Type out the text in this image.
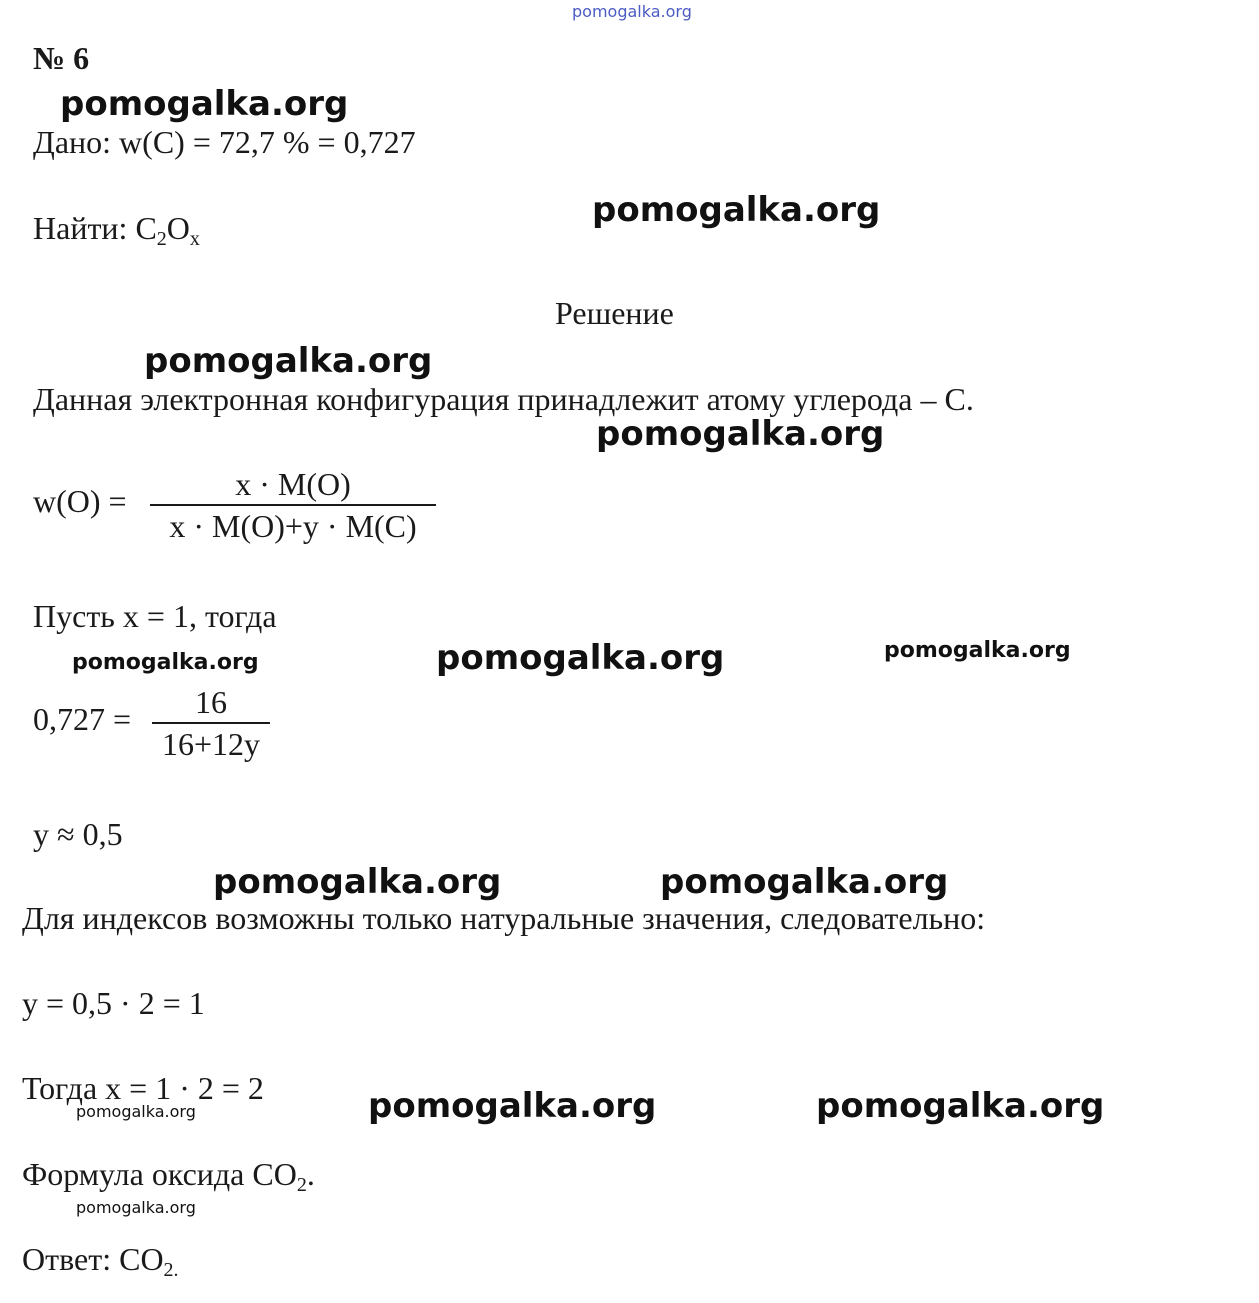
pomogalka.org
№ 6
pomogalka.org
Дано: w(C) = 72,7 % = 0,727
Найти: $C_2O_x$
pomogalka.org
Решение
pomogalka.org
Данная электронная конфигурация принадлежит атому углерода – С.
pomogalka.org
w(O) =	x · M(O)
x · M(O)+y · M(C)
Пусть x = 1, тогда
pomogalka.org	pomogalka.org	pomogalka.org
0,727 =	16
16+12y
y ≈ 0,5
pomogalka.org	pomogalka.org
Для индексов возможны только натуральные значения, следовательно:
y = 0,5 · 2 = 1
Тогда x = 1 · 2 = 2
pomogalka.org	pomogalka.org	pomogalka.org
Формула оксида $CO_2$.
pomogalka.org
Ответ: $CO_{2.}$
